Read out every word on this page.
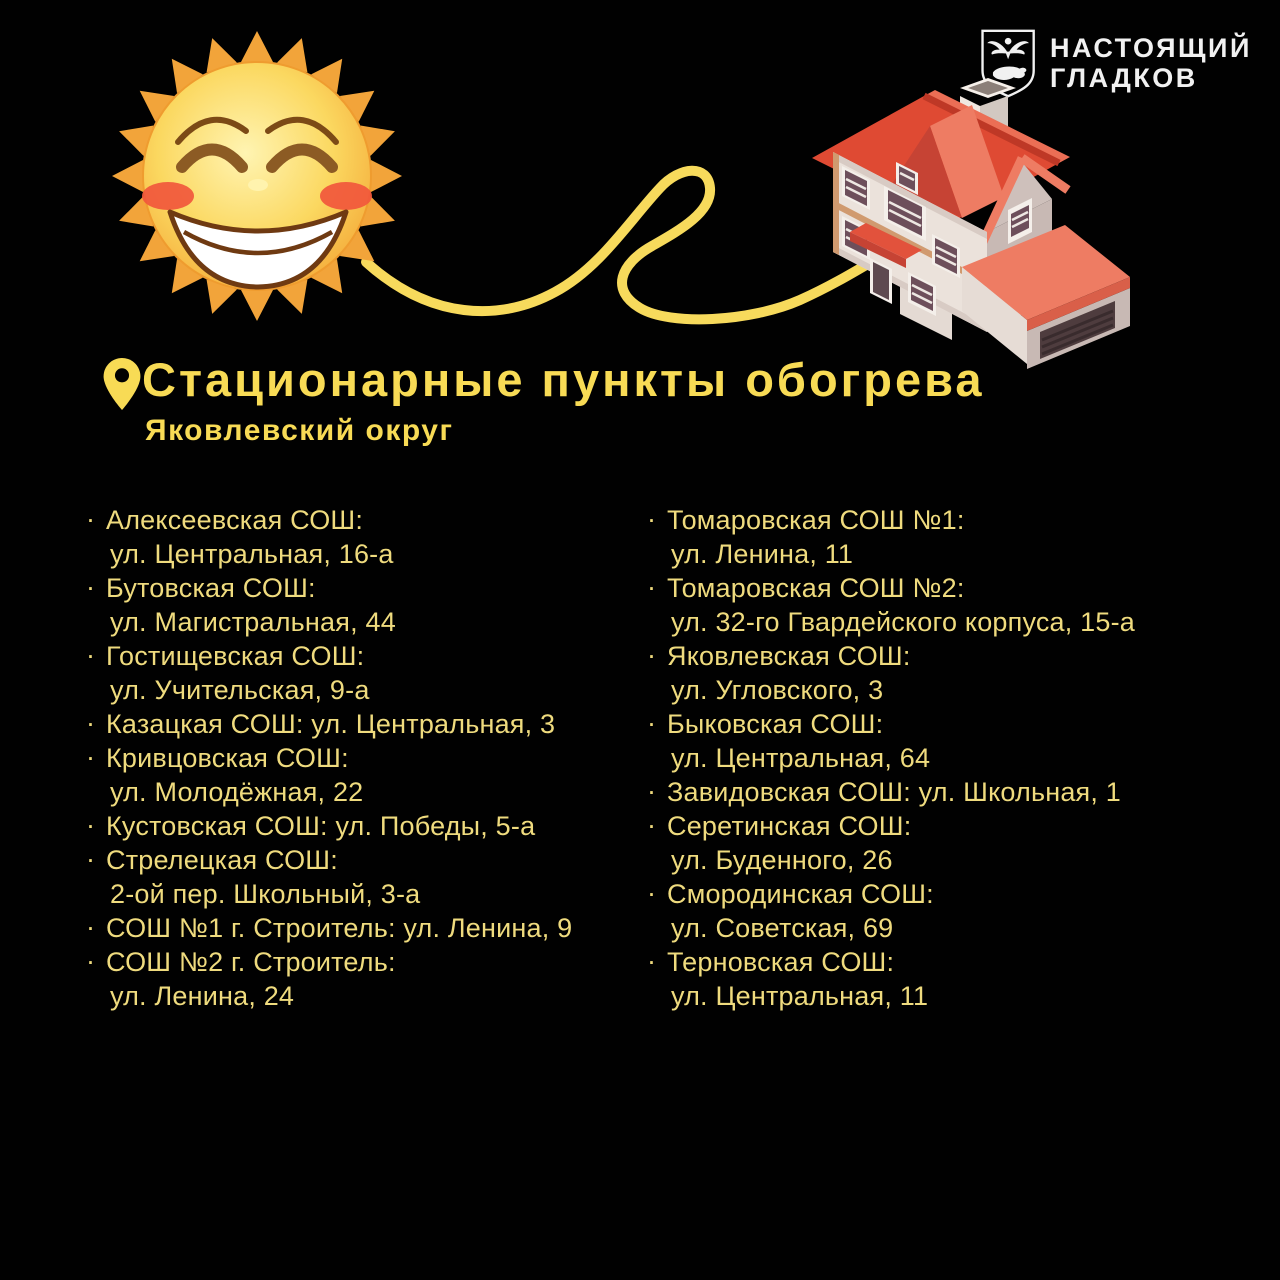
НАСТОЯЩИЙ
ГЛАДКОВ
Стационарные пункты обогрева
Яковлевский округ
· Алексеевская СОШ:
ул. Центральная, 16-а
· Бутовская СОШ:
ул. Магистральная, 44
· Гостищевская СОШ:
ул. Учительская, 9-а
· Казацкая СОШ: ул. Центральная, 3
· Кривцовская СОШ:
ул. Молодёжная, 22
· Кустовская СОШ: ул. Победы, 5-а
· Стрелецкая СОШ:
2-ой пер. Школьный, 3-а
· СОШ №1 г. Строитель: ул. Ленина, 9
· СОШ №2 г. Строитель:
ул. Ленина, 24
· Томаровская СОШ №1:
ул. Ленина, 11
· Томаровская СОШ №2:
ул. 32-го Гвардейского корпуса, 15-а
· Яковлевская СОШ:
ул. Угловского, 3
· Быковская СОШ:
ул. Центральная, 64
· Завидовская СОШ: ул. Школьная, 1
· Серетинская СОШ:
ул. Буденного, 26
· Смородинская СОШ:
ул. Советская, 69
· Терновская СОШ:
ул. Центральная, 11
